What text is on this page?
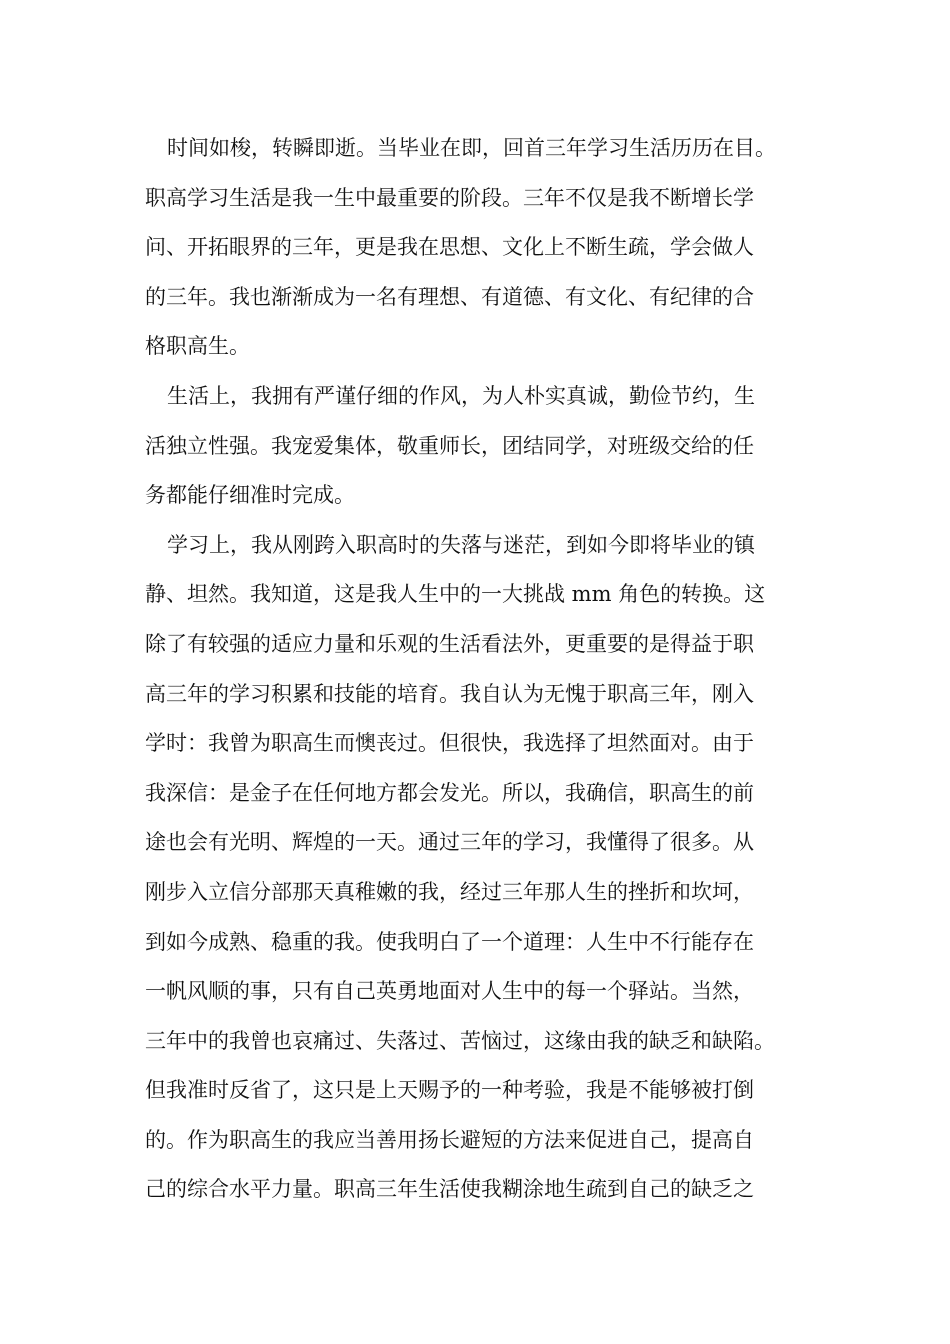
时间如梭，转瞬即逝。当毕业在即，回首三年学习生活历历在目。
职高学习生活是我一生中最重要的阶段。三年不仅是我不断增长学
问、开拓眼界的三年，更是我在思想、文化上不断生疏，学会做人
的三年。我也渐渐成为一名有理想、有道德、有文化、有纪律的合
格职高生。
生活上，我拥有严谨仔细的作风，为人朴实真诚，勤俭节约，生
活独立性强。我宠爱集体，敬重师长，团结同学，对班级交给的任
务都能仔细准时完成。
学习上，我从刚跨入职高时的失落与迷茫，到如今即将毕业的镇
静、坦然。我知道，这是我人生中的一大挑战 mm 角色的转换。这
除了有较强的适应力量和乐观的生活看法外，更重要的是得益于职
高三年的学习积累和技能的培育。我自认为无愧于职高三年，刚入
学时：我曾为职高生而懊丧过。但很快，我选择了坦然面对。由于
我深信：是金子在任何地方都会发光。所以，我确信，职高生的前
途也会有光明、辉煌的一天。通过三年的学习，我懂得了很多。从
刚步入立信分部那天真稚嫩的我，经过三年那人生的挫折和坎坷，
到如今成熟、稳重的我。使我明白了一个道理：人生中不行能存在
一帆风顺的事，只有自己英勇地面对人生中的每一个驿站。当然，
三年中的我曾也哀痛过、失落过、苦恼过，这缘由我的缺乏和缺陷。
但我准时反省了，这只是上天赐予的一种考验，我是不能够被打倒
的。作为职高生的我应当善用扬长避短的方法来促进自己，提高自
己的综合水平力量。职高三年生活使我糊涂地生疏到自己的缺乏之
